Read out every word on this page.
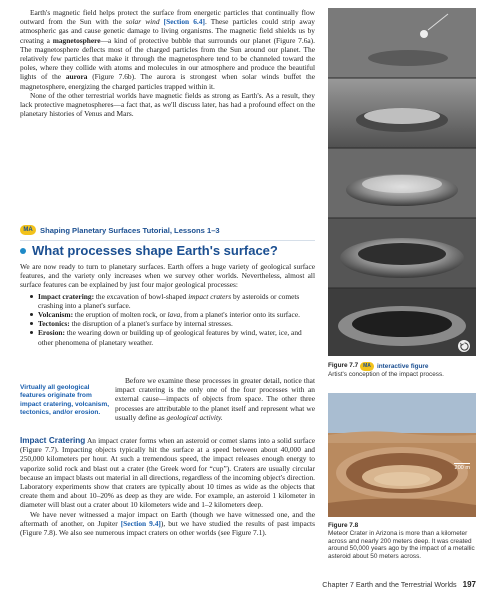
Earth's magnetic field helps protect the surface from energetic particles that continually flow outward from the Sun with the solar wind [Section 6.4]. These particles could strip away atmospheric gas and cause genetic damage to living organisms. The magnetic field shields us by creating a magnetosphere—a kind of protective bubble that surrounds our planet (Figure 7.6a). The magnetosphere deflects most of the charged particles from the Sun around our planet. The relatively few particles that make it through the magnetosphere tend to be channeled toward the poles, where they collide with atoms and molecules in our atmosphere and produce the beautiful lights of the aurora (Figure 7.6b). The aurora is strongest when solar winds buffet the magnetosphere, energizing the charged particles trapped within it.

None of the other terrestrial worlds have magnetic fields as strong as Earth's. As a result, they lack protective magnetospheres—a fact that, as we'll discuss later, has had a profound effect on the planetary histories of Venus and Mars.

MA Shaping Planetary Surfaces Tutorial, Lessons 1–3
What processes shape Earth's surface?

We are now ready to turn to planetary surfaces. Earth offers a huge variety of geological surface features, and the variety only increases when we survey other worlds. Nevertheless, almost all surface features can be explained by just four major geological processes:

Impact cratering: the excavation of bowl-shaped impact craters by asteroids or comets crashing into a planet's surface.
Volcanism: the eruption of molten rock, or lava, from a planet's interior onto its surface.
Tectonics: the disruption of a planet's surface by internal stresses.
Erosion: the wearing down or building up of geological features by wind, water, ice, and other phenomena of planetary weather.
Virtually all geological features originate from impact cratering, volcanism, tectonics, and/or erosion.

Before we examine these processes in greater detail, notice that impact cratering is the only one of the four processes with an external cause—impacts of objects from space. The other three processes are attributable to the planet itself and represent what we usually define as geological activity.

Impact Cratering An impact crater forms when an asteroid or comet slams into a solid surface (Figure 7.7). Impacting objects typically hit the surface at a speed between about 40,000 and 250,000 kilometers per hour. At such a tremendous speed, the impact releases enough energy to vaporize solid rock and blast out a crater (the Greek word for “cup”). Craters are usually circular because an impact blasts out material in all directions, regardless of the incoming object's direction. Laboratory experiments show that craters are typically about 10 times as wide as the objects that create them and about 10–20% as deep as they are wide. For example, an asteroid 1 kilometer in diameter will blast out a crater about 10 kilometers wide and 1–2 kilometers deep.

We have never witnessed a major impact on Earth (though we have witnessed one, and the aftermath of another, on Jupiter [Section 9.4]), but we have studied the results of past impacts (Figure 7.8). We also see numerous impact craters on other worlds (see Figure 7.1).

Figure 7.7 MA interactive figure
Artist's conception of the impact process.
200 m
Figure 7.8
Meteor Crater in Arizona is more than a kilometer across and nearly 200 meters deep. It was created around 50,000 years ago by the impact of a metallic asteroid about 50 meters across.
Chapter 7 Earth and the Terrestrial Worlds 197
